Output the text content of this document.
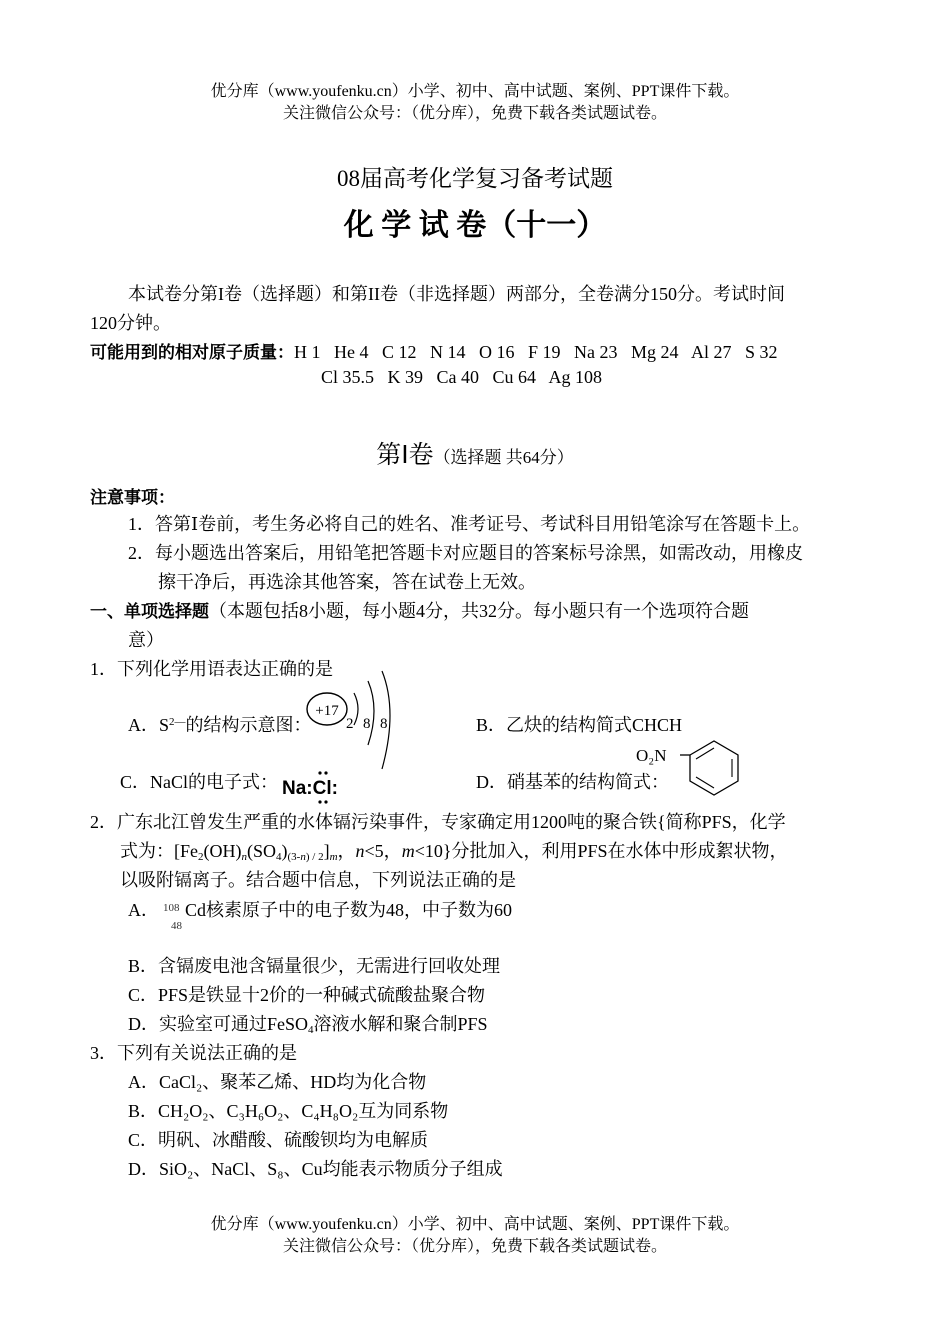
优分库（www.youfenku.cn）小学、初中、高中试题、案例、PPT课件下载。
关注微信公众号：（优分库），免费下载各类试题试卷。
08届高考化学复习备考试题
化 学 试 卷（十一）
本试卷分第I卷（选择题）和第II卷（非选择题）两部分，全卷满分150分。考试时间
120分钟。
可能用到的相对原子质量：H 1   He 4   C 12   N 14   O 16   F 19   Na 23   Mg 24   Al 27   S 32
Cl 35.5   K 39   Ca 40   Cu 64   Ag 108
第Ⅰ卷（选择题 共64分）
注意事项：
1．答第Ⅰ卷前，考生务必将自己的姓名、准考证号、考试科目用铅笔涂写在答题卡上。
2．每小题选出答案后，用铅笔把答题卡对应题目的答案标号涂黑，如需改动，用橡皮
擦干净后，再选涂其他答案，答在试卷上无效。
一、单项选择题（本题包括8小题，每小题4分，共32分。每小题只有一个选项符合题
意）
1．下列化学用语表达正确的是
A．$S^{2—}$的结构示意图：
+17
2 8 8	B．乙炔的结构简式CHCH
C．NaCl的电子式： Na:Cl:	D．硝基苯的结构简式：
O₂N
2．广东北江曾发生严重的水体镉污染事件，专家确定用1200吨的聚合铁{简称PFS，化学
式为：$[Fe_2(OH)_n(SO_4)_{(3-n) / 2}]_m$，n<5，m<10}分批加入，利用PFS在水体中形成絮状物，
以吸附镉离子。结合题中信息，下列说法正确的是
A． 108
48
Cd核素原子中的电子数为48，中子数为60
B．含镉废电池含镉量很少，无需进行回收处理
C．PFS是铁显十2价的一种碱式硫酸盐聚合物
D．实验室可通过FeSO$_4$溶液水解和聚合制PFS
3．下列有关说法正确的是
A．CaCl₂、聚苯乙烯、HD均为化合物
B．CH₂O₂、C₃H₆O₂、C₄H₈O₂互为同系物
C．明矾、冰醋酸、硫酸钡均为电解质
D．SiO₂、NaCl、S₈、Cu均能表示物质分子组成
优分库（www.youfenku.cn）小学、初中、高中试题、案例、PPT课件下载。
关注微信公众号：（优分库），免费下载各类试题试卷。
